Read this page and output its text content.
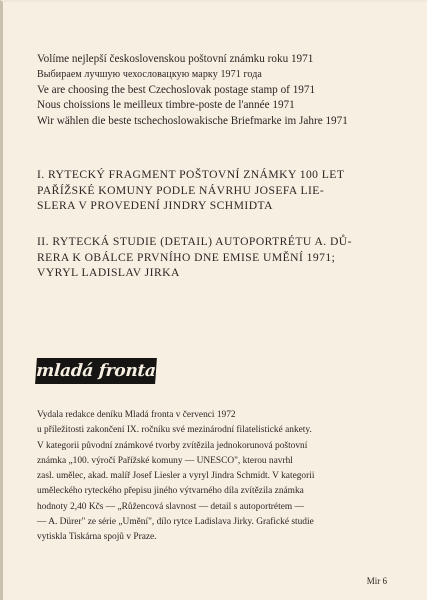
Volíme nejlepší československou poštovní známku roku 1971
Выбираем лучшую чехословацкую марку 1971 года
Ve are choosing the best Czechoslovak postage stamp of 1971
Nous choissions le meilleux timbre-poste de l'année 1971
Wir wählen die beste tschechoslowakische Briefmarke im Jahre 1971
I. RYTECKÝ FRAGMENT POŠTOVNÍ ZNÁMKY 100 LET
PAŘÍŽSKÉ KOMUNY PODLE NÁVRHU JOSEFA LIE-
SLERA V PROVEDENÍ JINDRY SCHMIDTA
II. RYTECKÁ STUDIE (DETAIL) AUTOPORTRÉTU A. DŮ-
RERA K OBÁLCE PRVNÍHO DNE EMISE UMĚNÍ 1971;
VYRYL LADISLAV JIRKA
mladá fronta
Vydala redakce deníku Mladá fronta v červenci 1972
u příležitosti zakončení IX. ročníku své mezinárodní filatelistické ankety.
V kategorii původní známkové tvorby zvítězila jednokorunová poštovní
známka „100. výročí Pařížské komuny — UNESCO", kterou navrhl
zasl. umělec, akad. malíř Josef Liesler a vyryl Jindra Schmidt. V kategorii
uměleckého ryteckého přepisu jiného výtvarného díla zvítězila známka
hodnoty 2,40 Kčs — „Růžencová slavnost — detail s autoportrétem —
— A. Dürer" ze série „Umění", dílo rytce Ladislava Jirky. Grafické studie
vytiskla Tiskárna spojů v Praze.
Mir 6
